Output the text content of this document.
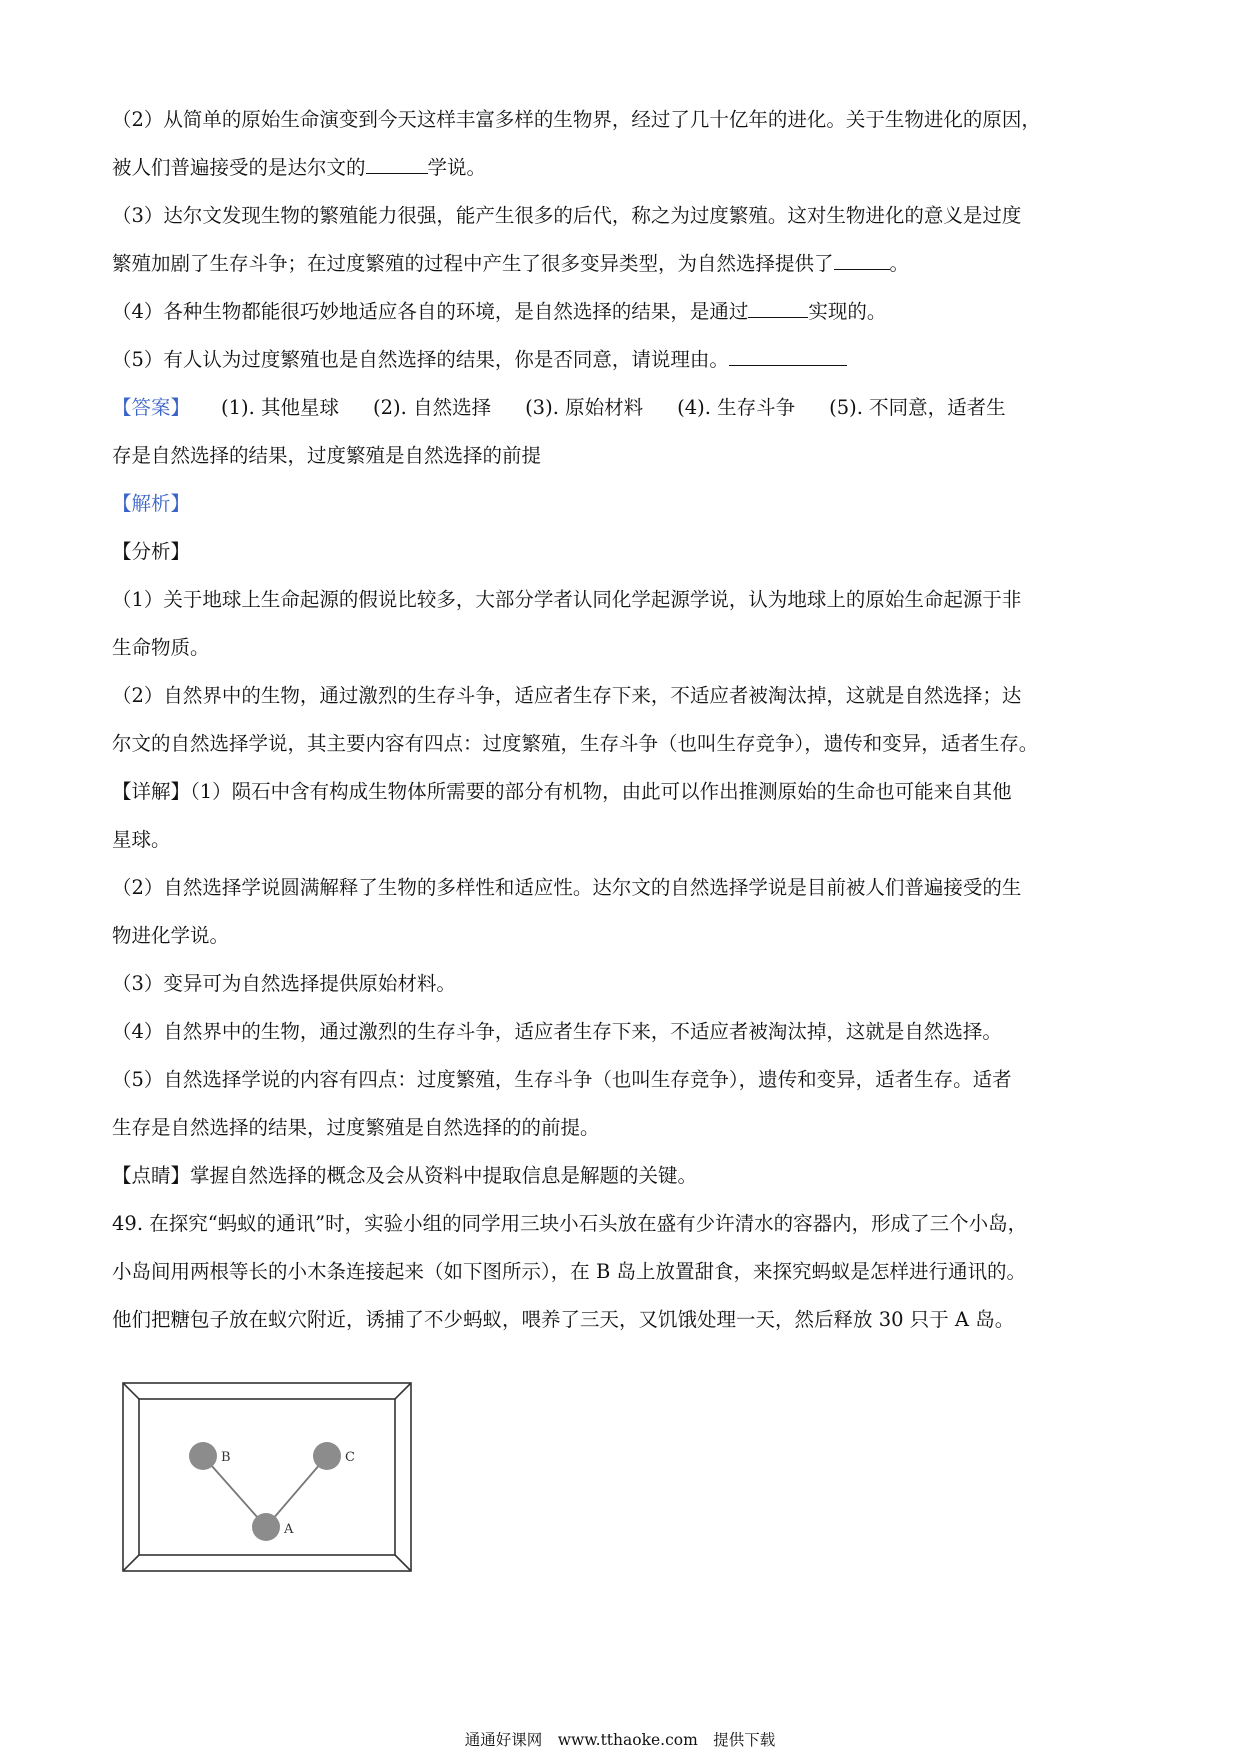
（2）从简单的原始生命演变到今天这样丰富多样的生物界，经过了几十亿年的进化。关于生物进化的原因，

被人们普遍接受的是达尔文的	学说。

（3）达尔文发现生物的繁殖能力很强，能产生很多的后代，称之为过度繁殖。这对生物进化的意义是过度

繁殖加剧了生存斗争；在过度繁殖的过程中产生了很多变异类型，为自然选择提供了	。

（4）各种生物都能很巧妙地适应各自的环境，是自然选择的结果，是通过	实现的。

（5）有人认为过度繁殖也是自然选择的结果，你是否同意，请说理由。

【答案】 (1). 其他星球 (2). 自然选择 (3). 原始材料 (4). 生存斗争 (5). 不同意，适者生

存是自然选择的结果，过度繁殖是自然选择的前提

【解析】

【分析】

（1）关于地球上生命起源的假说比较多，大部分学者认同化学起源学说，认为地球上的原始生命起源于非

生命物质。

（2）自然界中的生物，通过激烈的生存斗争，适应者生存下来，不适应者被淘汰掉，这就是自然选择；达

尔文的自然选择学说，其主要内容有四点：过度繁殖，生存斗争（也叫生存竞争），遗传和变异，适者生存。

【详解】（1）陨石中含有构成生物体所需要的部分有机物，由此可以作出推测原始的生命也可能来自其他

星球。

（2）自然选择学说圆满解释了生物的多样性和适应性。达尔文的自然选择学说是目前被人们普遍接受的生

物进化学说。

（3）变异可为自然选择提供原始材料。

（4）自然界中的生物，通过激烈的生存斗争，适应者生存下来，不适应者被淘汰掉，这就是自然选择。

（5）自然选择学说的内容有四点：过度繁殖，生存斗争（也叫生存竞争），遗传和变异，适者生存。适者

生存是自然选择的结果，过度繁殖是自然选择的的前提。

【点睛】掌握自然选择的概念及会从资料中提取信息是解题的关键。

49. 在探究“蚂蚁的通讯”时，实验小组的同学用三块小石头放在盛有少许清水的容器内，形成了三个小岛，

小岛间用两根等长的小木条连接起来（如下图所示），在 B 岛上放置甜食，来探究蚂蚁是怎样进行通讯的。

他们把糖包子放在蚁穴附近，诱捕了不少蚂蚁，喂养了三天，又饥饿处理一天，然后释放 30 只于 A 岛。

B	C
A
通通好课网　www.tthaoke.com　提供下载
